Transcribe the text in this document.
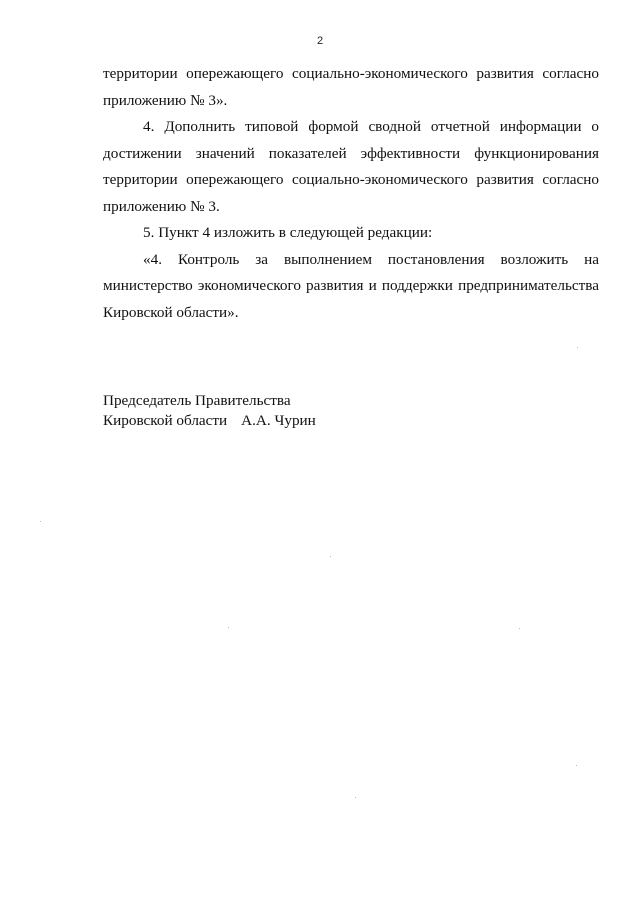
2

территории опережающего социально-экономического развития согласно приложению № 3».

4. Дополнить типовой формой сводной отчетной информации о достижении значений показателей эффективности функционирования территории опережающего социально-экономического развития согласно приложению № 3.

5. Пункт 4 изложить в следующей редакции:

«4. Контроль за выполнением постановления возложить на министерство экономического развития и поддержки предпринимательства Кировской области».

Председатель Правительства
Кировской области А.А. Чурин
